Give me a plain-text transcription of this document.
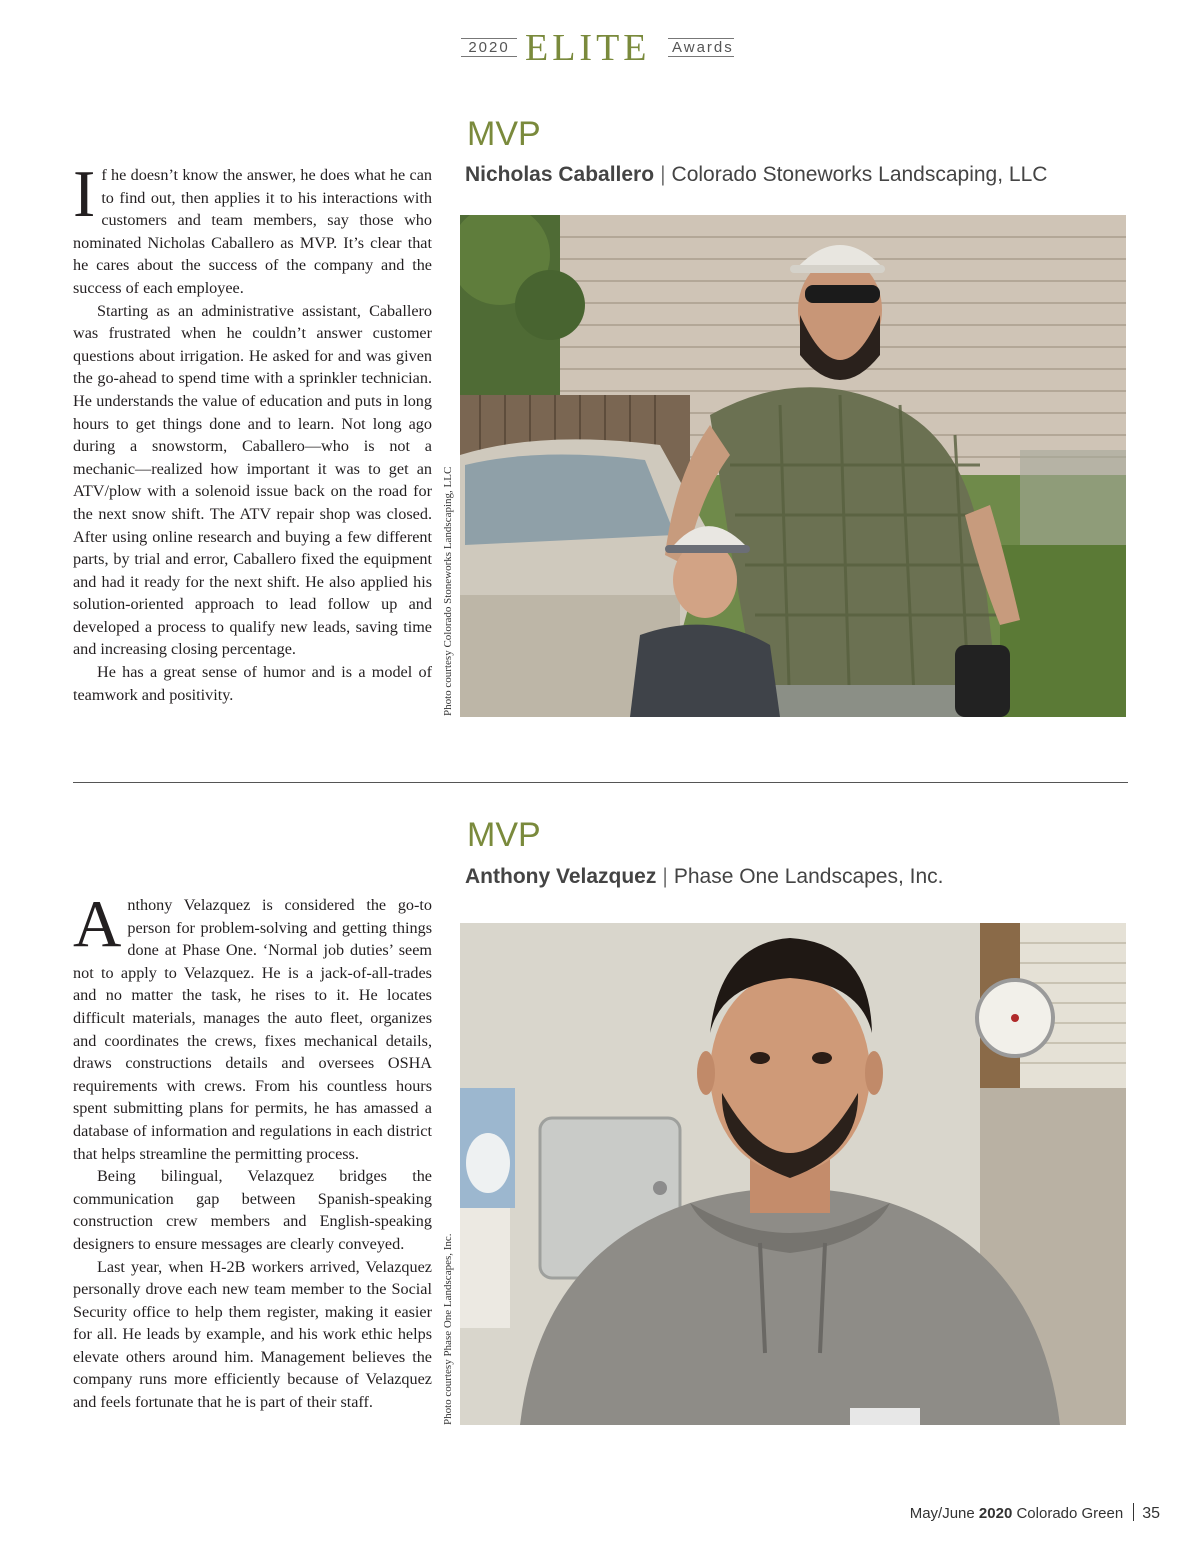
2020 ELITE Awards
MVP
Nicholas Caballero | Colorado Stoneworks Landscaping, LLC

If he doesn’t know the answer, he does what he can to find out, then applies it to his interactions with customers and team members, say those who nominated Nicholas Caballero as MVP. It’s clear that he cares about the success of the company and the success of each employee.

Starting as an administrative assistant, Caballero was frustrated when he couldn’t answer customer questions about irrigation. He asked for and was given the go-ahead to spend time with a sprinkler technician. He understands the value of education and puts in long hours to get things done and to learn. Not long ago during a snowstorm, Caballero—who is not a mechanic—realized how important it was to get an ATV/plow with a solenoid issue back on the road for the next snow shift. The ATV repair shop was closed. After using online research and buying a few different parts, by trial and error, Caballero fixed the equipment and had it ready for the next shift. He also applied his solution-oriented approach to lead follow up and developed a process to qualify new leads, saving time and increasing closing percentage.

He has a great sense of humor and is a model of teamwork and positivity.	Photo courtesy Colorado Stoneworks Landscaping, LLC
MVP
Anthony Velazquez | Phase One Landscapes, Inc.

Anthony Velazquez is considered the go-to person for problem-solving and getting things done at Phase One. ‘Normal job duties’ seem not to apply to Velazquez. He is a jack-of-all-trades and no matter the task, he rises to it. He locates difficult materials, manages the auto fleet, organizes and coordinates the crews, fixes mechanical details, draws constructions details and oversees OSHA requirements with crews. From his countless hours spent submitting plans for permits, he has amassed a database of information and regulations in each district that helps streamline the permitting process.

Being bilingual, Velazquez bridges the communication gap between Spanish-speaking construction crew members and English-speaking designers to ensure messages are clearly conveyed.

Last year, when H-2B workers arrived, Velazquez personally drove each new team member to the Social Security office to help them register, making it easier for all. He leads by example, and his work ethic helps elevate others around him. Management believes the company runs more efficiently because of Velazquez and feels fortunate that he is part of their staff.	Photo courtesy Phase One Landscapes, Inc.
May/June 2020 Colorado Green 35
